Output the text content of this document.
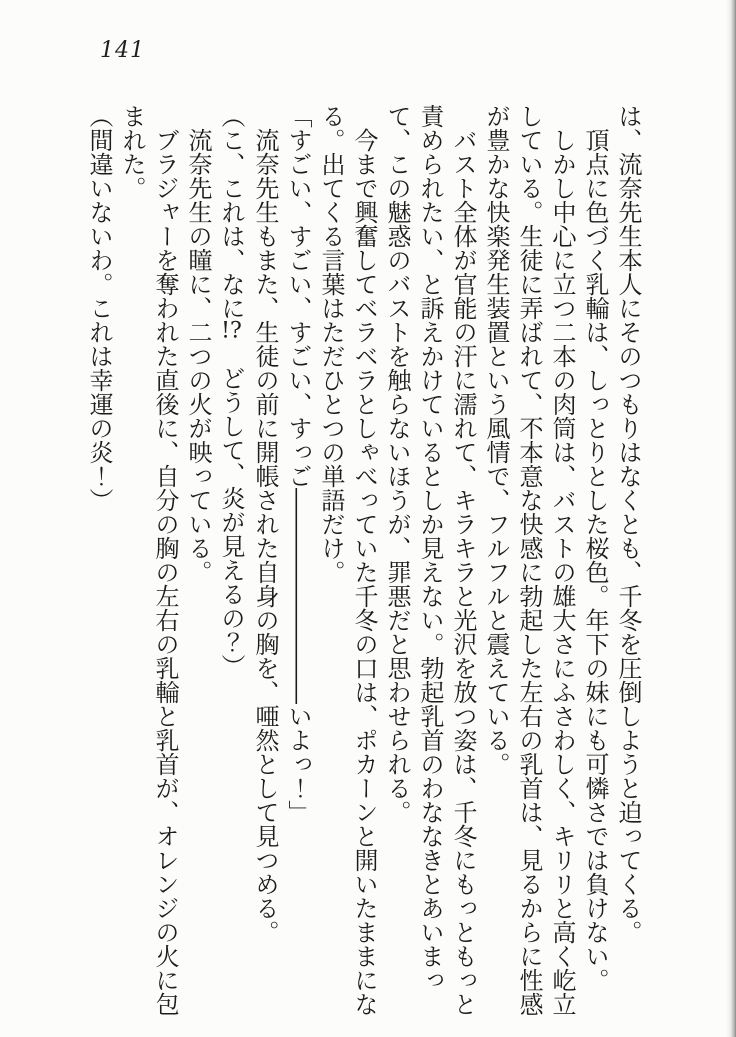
141

は、流奈先生本人にそのつもりはなくとも、千冬を圧倒しようと迫ってくる。

　頂点に色づく乳輪は、しっとりとした桜色。年下の妹にも可憐さでは負けない。

　しかし中心に立つ二本の肉筒は、バストの雄大さにふさわしく、キリリと高く屹立している。生徒に弄ばれて、不本意な快感に勃起した左右の乳首は、見るからに性感が豊かな快楽発生装置という風情で、フルフルと震えている。

　バスト全体が官能の汗に濡れて、キラキラと光沢を放つ姿は、千冬にもっともっと責められたい、と訴えかけているとしか見えない。勃起乳首のわななきとあいまって、この魅惑のバストを触らないほうが、罪悪だと思わせられる。

　今まで興奮してベラベラとしゃべっていた千冬の口は、ポカーンと開いたままになる。出てくる言葉はただひとつの単語だけ。

「すごい、すごい、すごい、すっご―――――――――いよっ！」

　流奈先生もまた、生徒の前に開帳された自身の胸を、唖然として見つめる。

（こ、これは、なに!?　どうして、炎が見えるの？）

　流奈先生の瞳に、二つの火が映っている。

　ブラジャーを奪われた直後に、自分の胸の左右の乳輪と乳首が、オレンジの火に包まれた。

（間違いないわ。これは幸運の炎！）
